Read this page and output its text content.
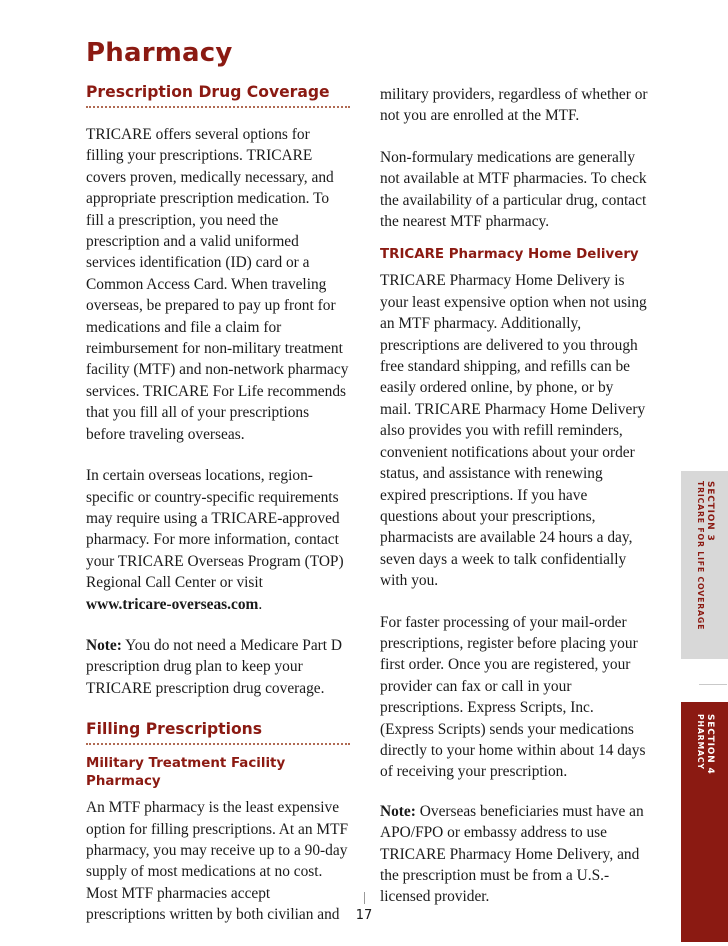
Pharmacy
Prescription Drug Coverage

TRICARE offers several options for filling your prescriptions. TRICARE covers proven, medically necessary, and appropriate prescription medication. To fill a prescription, you need the prescription and a valid uniformed services identification (ID) card or a Common Access Card. When traveling overseas, be prepared to pay up front for medications and file a claim for reimbursement for non-military treatment facility (MTF) and non-network pharmacy services. TRICARE For Life recommends that you fill all of your prescriptions before traveling overseas.

In certain overseas locations, region-specific or country-specific requirements may require using a TRICARE-approved pharmacy. For more information, contact your TRICARE Overseas Program (TOP) Regional Call Center or visit www.tricare-overseas.com.

Note: You do not need a Medicare Part D prescription drug plan to keep your TRICARE prescription drug coverage.

Filling Prescriptions
Military Treatment Facility Pharmacy

An MTF pharmacy is the least expensive option for filling prescriptions. At an MTF pharmacy, you may receive up to a 90-day supply of most medications at no cost. Most MTF pharmacies accept prescriptions written by both civilian and

military providers, regardless of whether or not you are enrolled at the MTF.

Non-formulary medications are generally not available at MTF pharmacies. To check the availability of a particular drug, contact the nearest MTF pharmacy.

TRICARE Pharmacy Home Delivery

TRICARE Pharmacy Home Delivery is your least expensive option when not using an MTF pharmacy. Additionally, prescriptions are delivered to you through free standard shipping, and refills can be easily ordered online, by phone, or by mail. TRICARE Pharmacy Home Delivery also provides you with refill reminders, convenient notifications about your order status, and assistance with renewing expired prescriptions. If you have questions about your prescriptions, pharmacists are available 24 hours a day, seven days a week to talk confidentially with you.

For faster processing of your mail-order prescriptions, register before placing your first order. Once you are registered, your provider can fax or call in your prescriptions. Express Scripts, Inc. (Express Scripts) sends your medications directly to your home within about 14 days of receiving your prescription.

Note: Overseas beneficiaries must have an APO/FPO or embassy address to use TRICARE Pharmacy Home Delivery, and the prescription must be from a U.S.-licensed provider.

17
SECTION 3
TRICARE FOR LIFE COVERAGE
SECTION 4
PHARMACY
